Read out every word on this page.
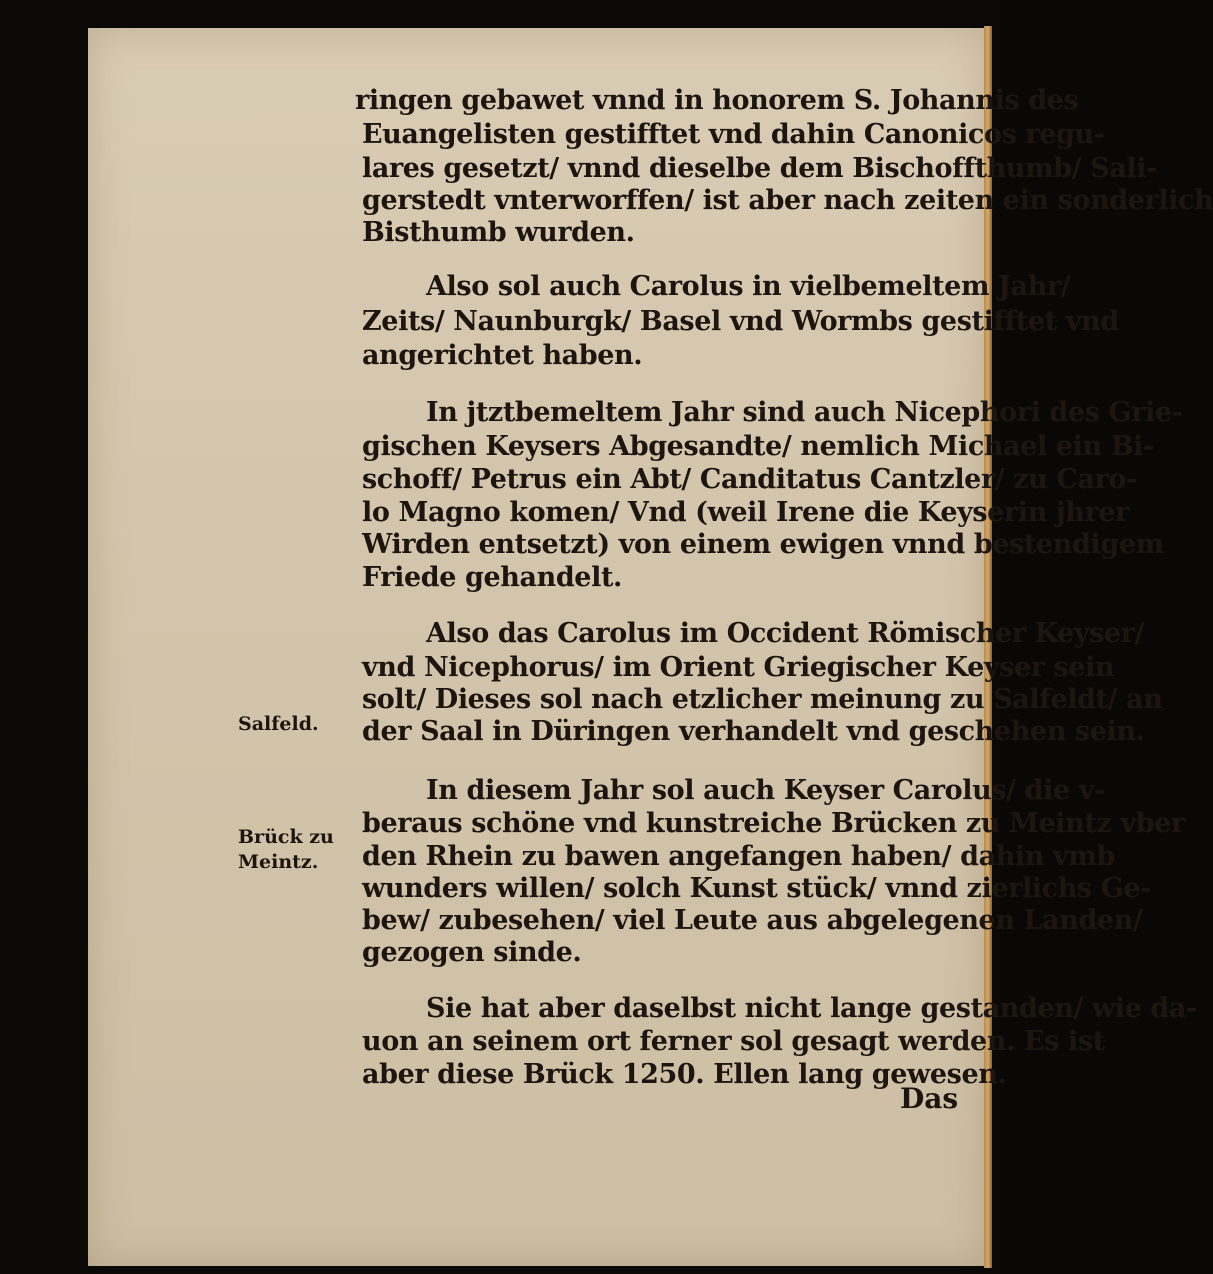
ringen gebawet vnnd in honorem S. Johannis des

Euangelisten gestifftet vnd dahin Canonicos regu-

lares gesetzt/ vnnd dieselbe dem Bischoffthumb/ Sali-

gerstedt vnterworffen/ ist aber nach zeiten ein sonderlich

Bisthumb wurden.

Also sol auch Carolus in vielbemeltem Jahr/

Zeits/ Naunburgk/ Basel vnd Wormbs gestifftet vnd

angerichtet haben.

In jtztbemeltem Jahr sind auch Nicephori des Grie-

gischen Keysers Abgesandte/ nemlich Michael ein Bi-

schoff/ Petrus ein Abt/ Canditatus Cantzler/ zu Caro-

lo Magno komen/ Vnd (weil Irene die Keyserin jhrer

Wirden entsetzt) von einem ewigen vnnd bestendigem

Friede gehandelt.

Also das Carolus im Occident Römischer Keyser/

vnd Nicephorus/ im Orient Griegischer Keyser sein

solt/ Dieses sol nach etzlicher meinung zu Salfeldt/ an

der Saal in Düringen verhandelt vnd geschehen sein.

In diesem Jahr sol auch Keyser Carolus/ die v-

beraus schöne vnd kunstreiche Brücken zu Meintz vber

den Rhein zu bawen angefangen haben/ dahin vmb

wunders willen/ solch Kunst stück/ vnnd zierlichs Ge-

bew/ zubesehen/ viel Leute aus abgelegenen Landen/

gezogen sinde.

Sie hat aber daselbst nicht lange gestanden/ wie da-

uon an seinem ort ferner sol gesagt werden. Es ist

aber diese Brück 1250. Ellen lang gewesen.

Salfeld.

Brück zu

Meintz.

Das
